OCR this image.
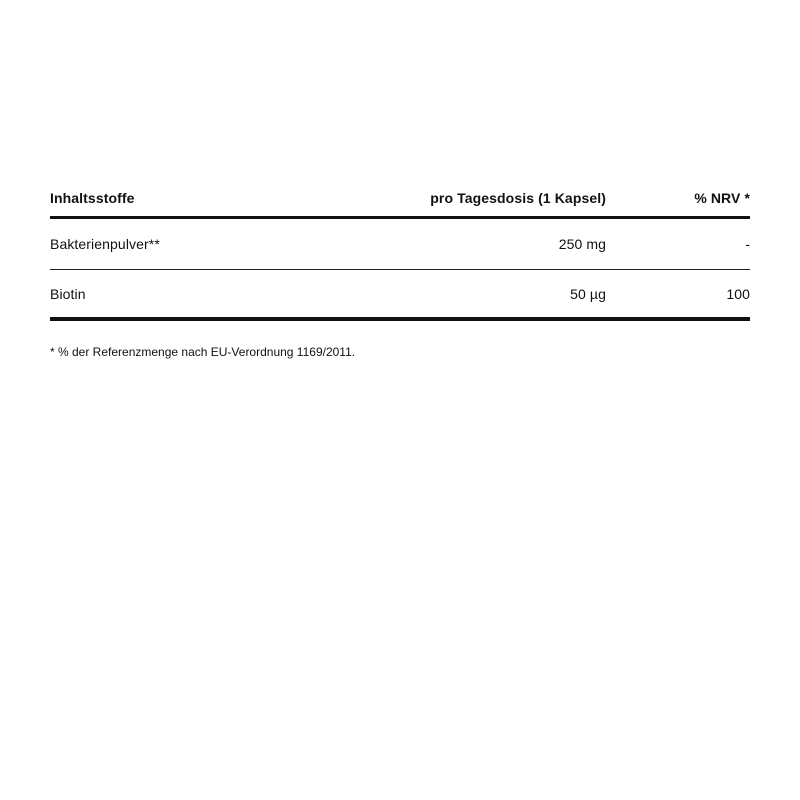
Inhaltsstoffe	pro Tagesdosis (1 Kapsel)	% NRV *
Bakterienpulver**	250 mg	-
Biotin	50 µg	100
* % der Referenzmenge nach EU-Verordnung 1169/2011.
